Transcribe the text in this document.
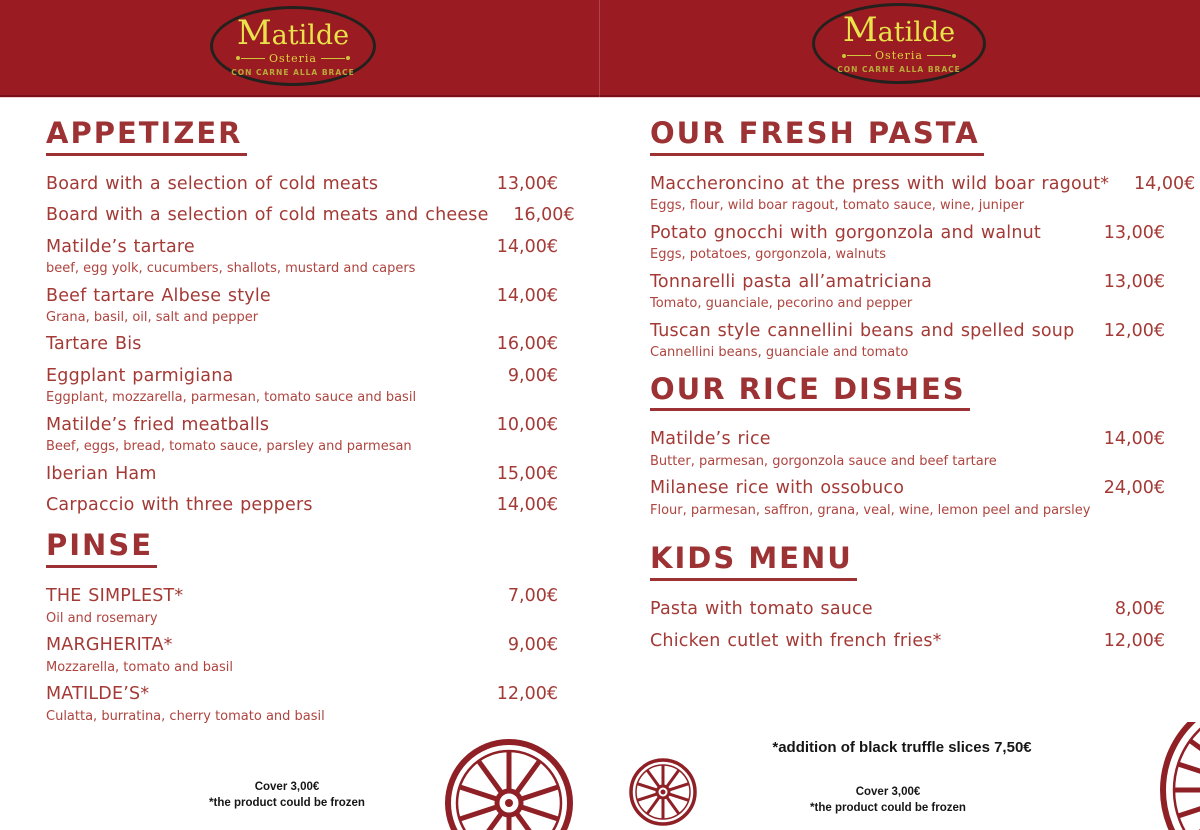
Matilde
Osteria
CON CARNE ALLA BRACE
Matilde
Osteria
CON CARNE ALLA BRACE
APPETIZER
Board with a selection of cold meats	13,00€
Board with a selection of cold meats and cheese	16,00€
Matilde’s tartare	14,00€
beef, egg yolk, cucumbers, shallots, mustard and capers
Beef tartare Albese style	14,00€
Grana, basil, oil, salt and pepper
Tartare Bis	16,00€
Eggplant parmigiana	9,00€
Eggplant, mozzarella, parmesan, tomato sauce and basil
Matilde’s fried meatballs	10,00€
Beef, eggs, bread, tomato sauce, parsley and parmesan
Iberian Ham	15,00€
Carpaccio with three peppers	14,00€
PINSE
THE SIMPLEST*	7,00€
Oil and rosemary
MARGHERITA*	9,00€
Mozzarella, tomato and basil
MATILDE’S*	12,00€
Culatta, burratina, cherry tomato and basil
OUR FRESH PASTA
Maccheroncino at the press with wild boar ragout*	14,00€
Eggs, flour, wild boar ragout, tomato sauce, wine, juniper
Potato gnocchi with gorgonzola and walnut	13,00€
Eggs, potatoes, gorgonzola, walnuts
Tonnarelli pasta all’amatriciana	13,00€
Tomato, guanciale, pecorino and pepper
Tuscan style cannellini beans and spelled soup	12,00€
Cannellini beans, guanciale and tomato
OUR RICE DISHES
Matilde’s rice	14,00€
Butter, parmesan, gorgonzola sauce and beef tartare
Milanese rice with ossobuco	24,00€
Flour, parmesan, saffron, grana, veal, wine, lemon peel and parsley
KIDS MENU
Pasta with tomato sauce	8,00€
Chicken cutlet with french fries*	12,00€
*addition of black truffle slices 7,50€
Cover 3,00€
*the product could be frozen
Cover 3,00€
*the product could be frozen
